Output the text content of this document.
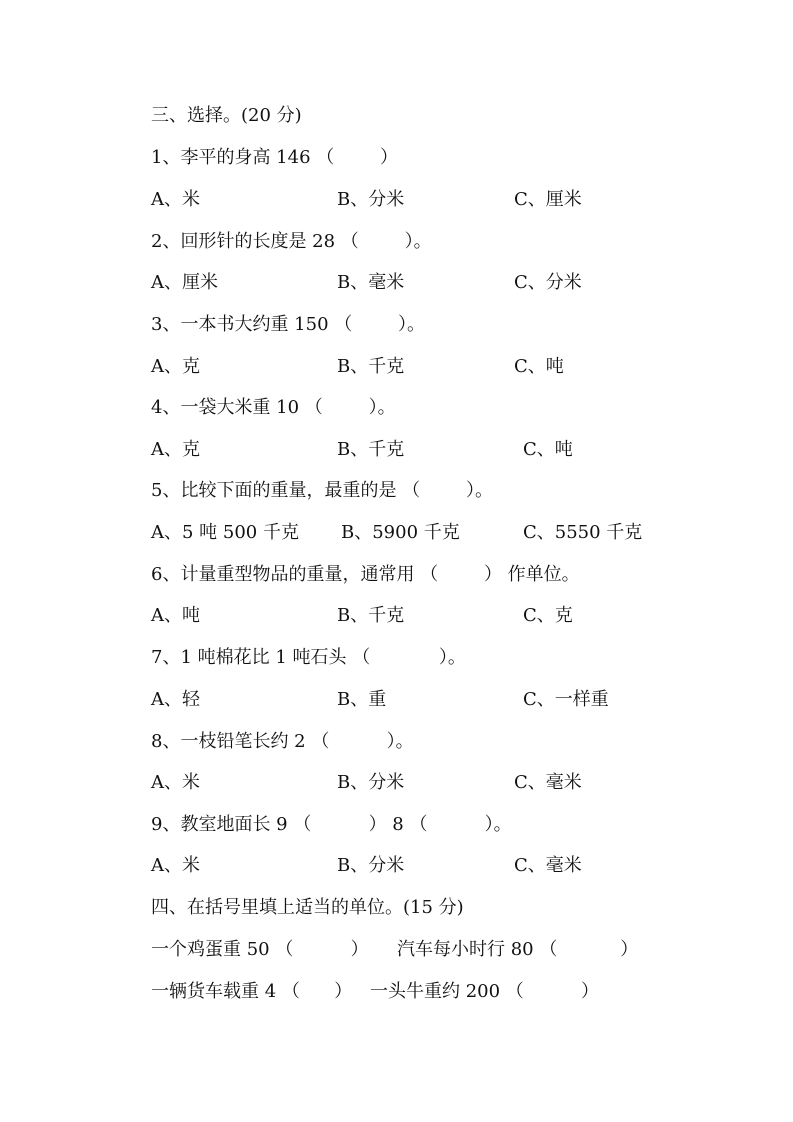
三、选择。(20 分)
1、李平的身高 146 （        ）
A、米	B、分米	C、厘米
2、回形针的长度是 28 （        ）。
A、厘米	B、毫米	C、分米
3、一本书大约重 150 （        ）。
A、克	B、千克	C、吨
4、一袋大米重 10 （        ）。
A、克	B、千克	C、吨
5、比较下面的重量，最重的是 （        ）。
A、5 吨 500 千克 B、5900 千克	C、5550 千克
6、计量重型物品的重量，通常用 （        ） 作单位。
A、吨	B、千克	C、克
7、1 吨棉花比 1 吨石头 （            ）。
A、轻	B、重	C、一样重
8、一枝铅笔长约 2 （          ）。
A、米	B、分米	C、毫米
9、教室地面长 9 （          ） 8 （          ）。
A、米	B、分米	C、毫米
四、在括号里填上适当的单位。(15 分)
一个鸡蛋重 50 （          ） 汽车每小时行 80 （           ）
一辆货车载重 4 （      ） 一头牛重约 200 （          ）
